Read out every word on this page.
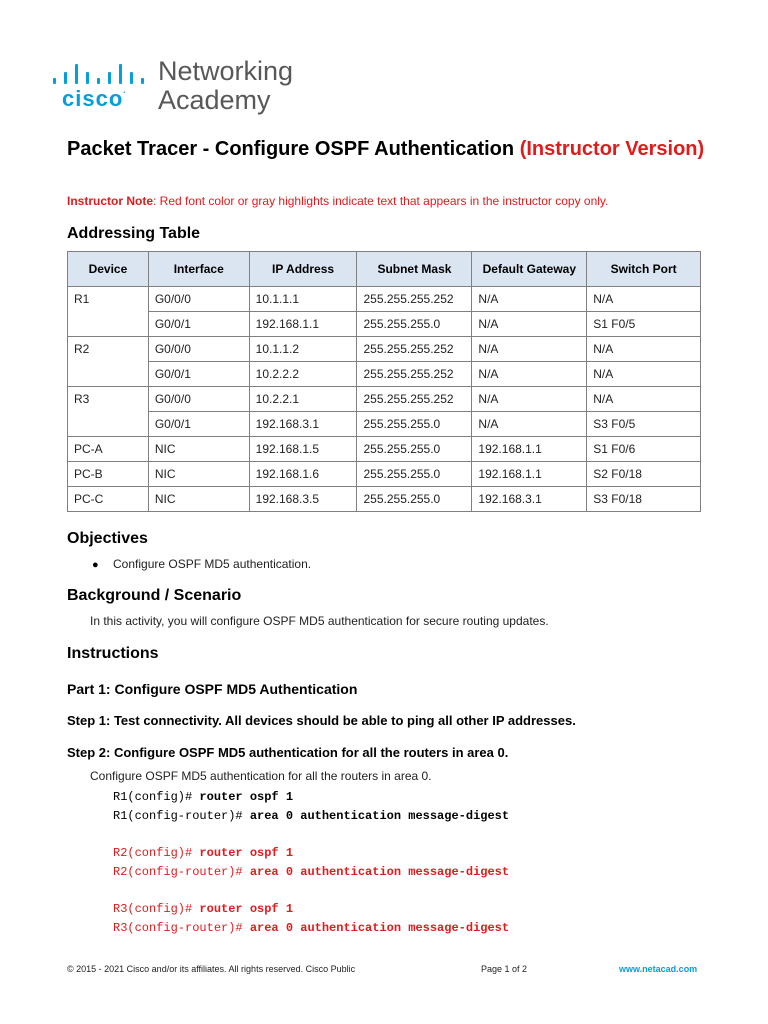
cisco.
Networking
Academy
Packet Tracer - Configure OSPF Authentication (Instructor Version)
Instructor Note: Red font color or gray highlights indicate text that appears in the instructor copy only.
Addressing Table
Device	Interface	IP Address	Subnet Mask	Default Gateway	Switch Port
R1	G0/0/0	10.1.1.1	255.255.255.252	N/A	N/A
	G0/0/1	192.168.1.1	255.255.255.0	N/A	S1 F0/5
R2	G0/0/0	10.1.1.2	255.255.255.252	N/A	N/A
	G0/0/1	10.2.2.2	255.255.255.252	N/A	N/A
R3	G0/0/0	10.2.2.1	255.255.255.252	N/A	N/A
	G0/0/1	192.168.3.1	255.255.255.0	N/A	S3 F0/5
PC-A	NIC	192.168.1.5	255.255.255.0	192.168.1.1	S1 F0/6
PC-B	NIC	192.168.1.6	255.255.255.0	192.168.1.1	S2 F0/18
PC-C	NIC	192.168.3.5	255.255.255.0	192.168.3.1	S3 F0/18
Objectives
● Configure OSPF MD5 authentication.
Background / Scenario
In this activity, you will configure OSPF MD5 authentication for secure routing updates.
Instructions
Part 1: Configure OSPF MD5 Authentication
Step 1: Test connectivity. All devices should be able to ping all other IP addresses.
Step 2: Configure OSPF MD5 authentication for all the routers in area 0.
Configure OSPF MD5 authentication for all the routers in area 0.
R1(config)# router ospf 1
R1(config-router)# area 0 authentication message-digest
R2(config)# router ospf 1
R2(config-router)# area 0 authentication message-digest
R3(config)# router ospf 1
R3(config-router)# area 0 authentication message-digest
© 2015 - 2021 Cisco and/or its affiliates. All rights reserved. Cisco Public	Page 1 of 2	www.netacad.com
